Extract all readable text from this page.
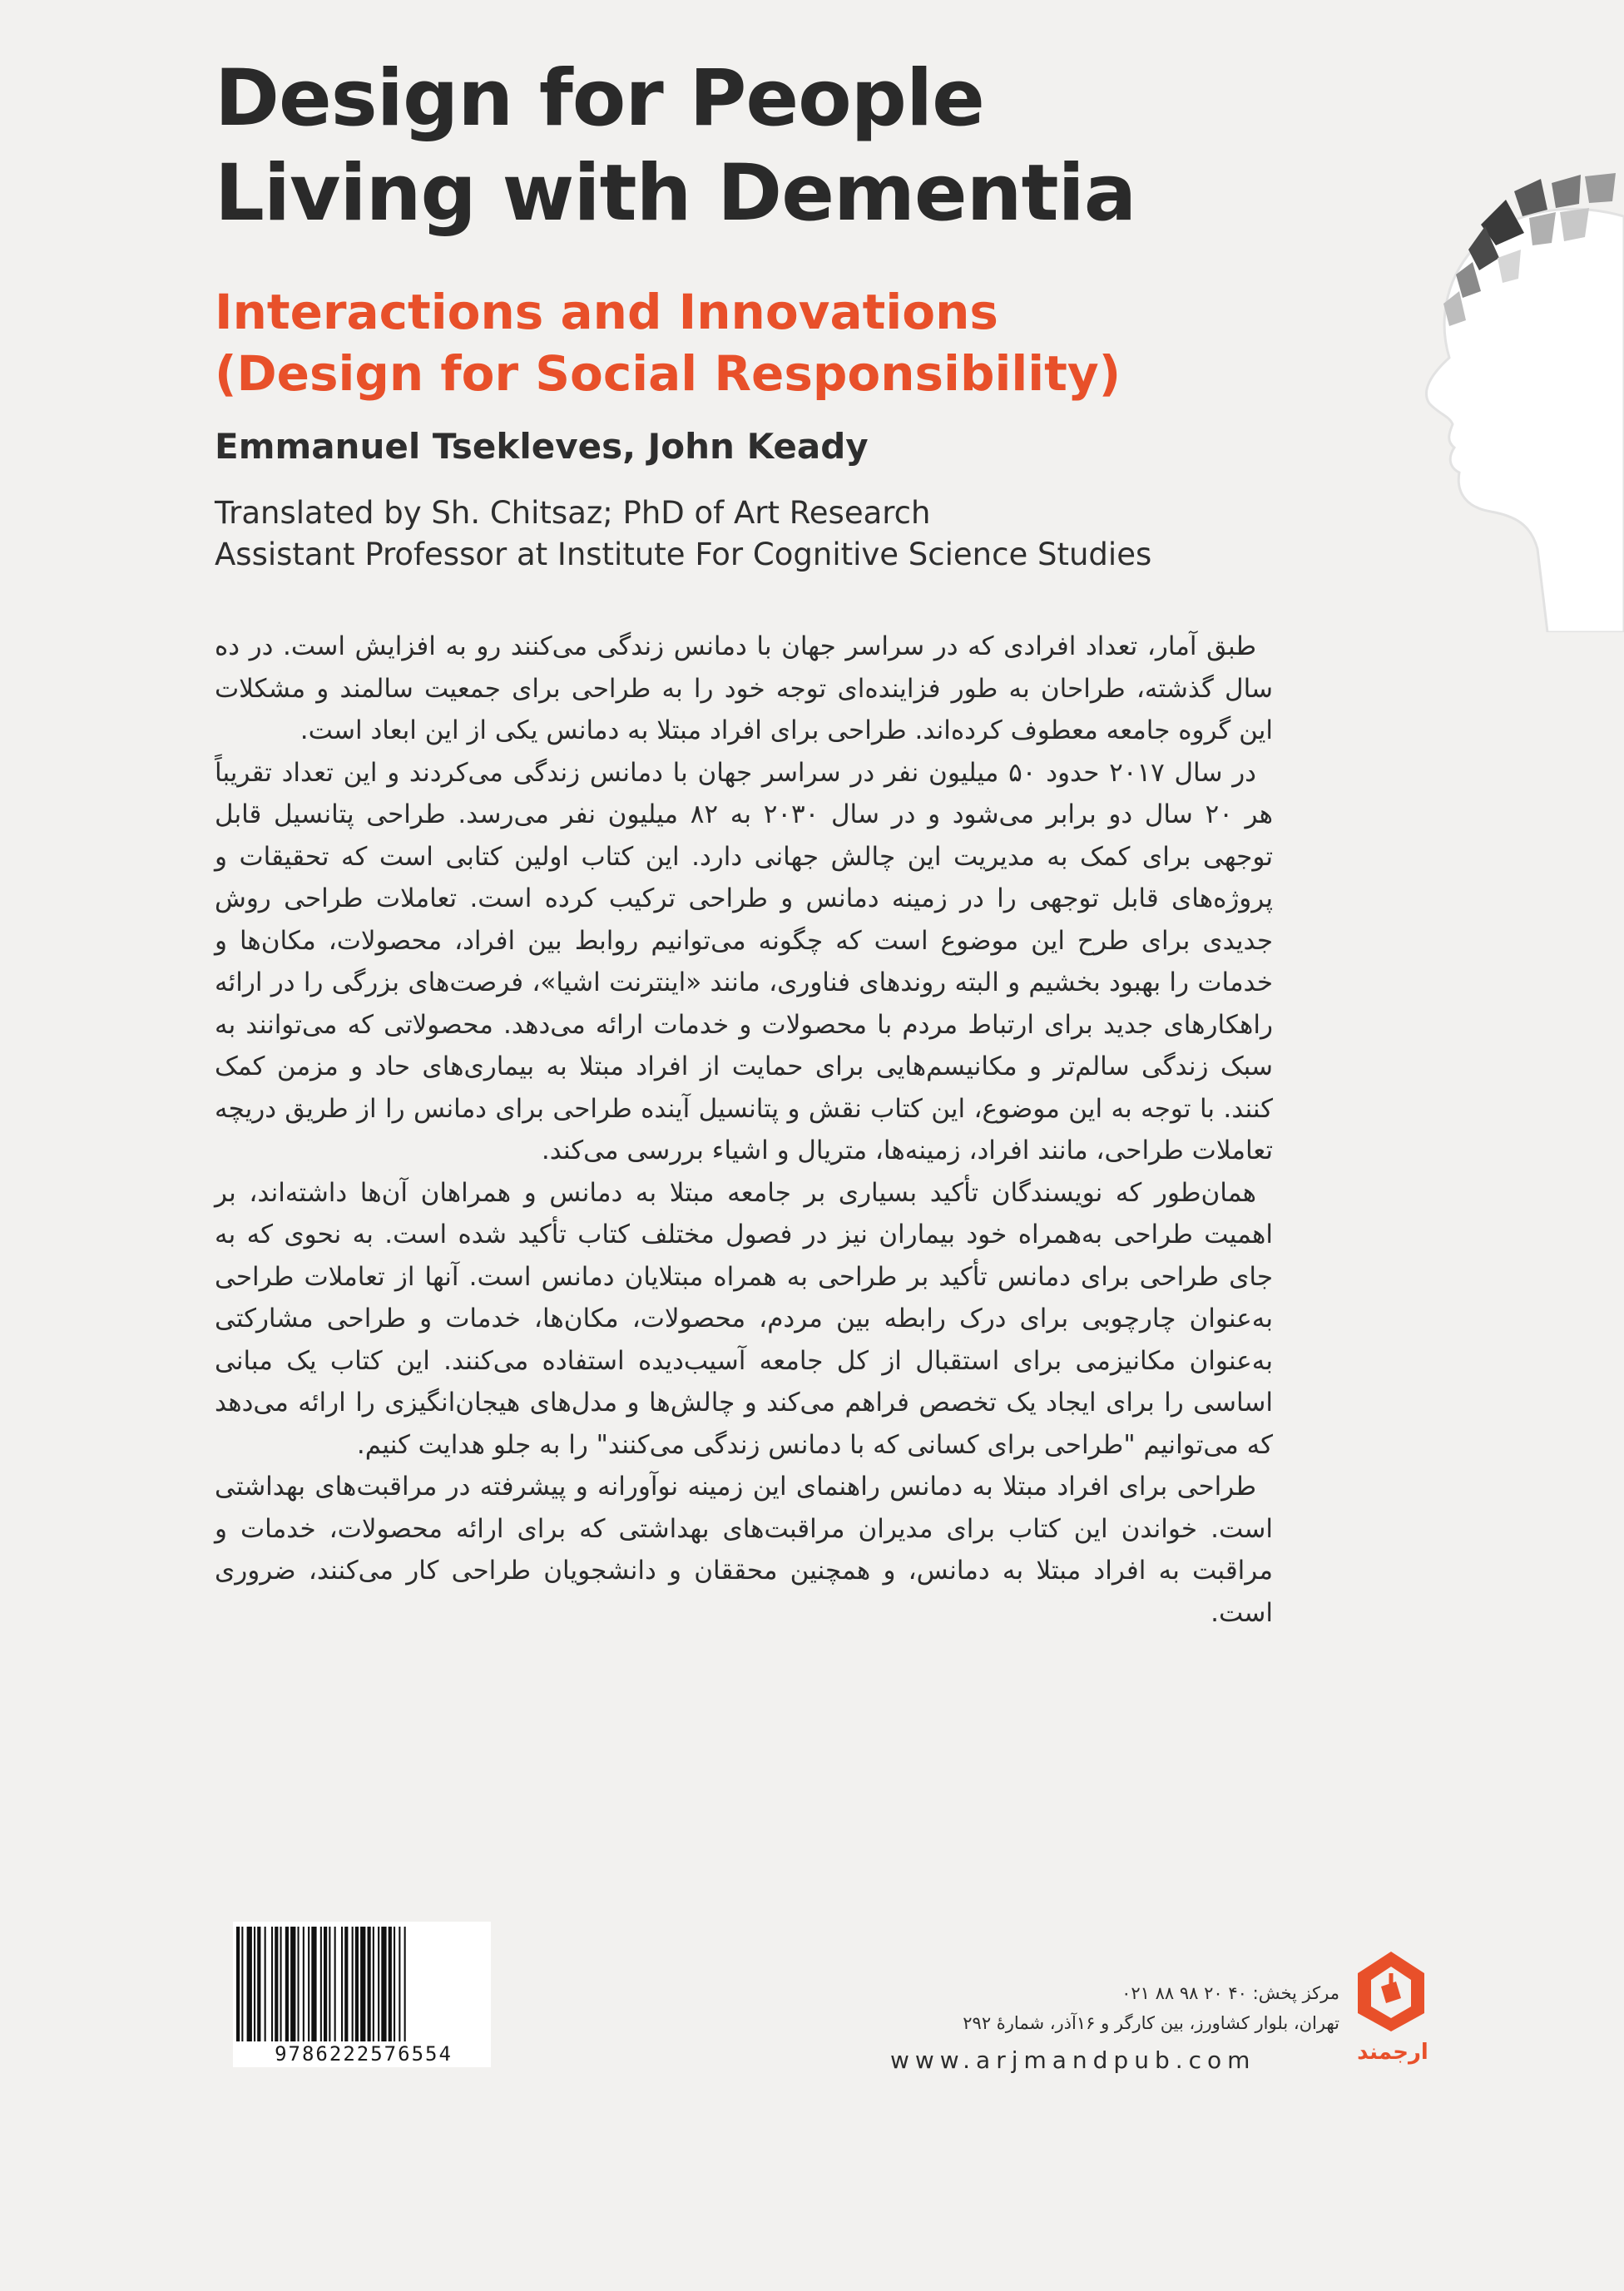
Design for People
Living with Dementia
Interactions and Innovations
(Design for Social Responsibility)
Emmanuel Tsekleves, John Keady
Translated by Sh. Chitsaz; PhD of Art Research
Assistant Professor at Institute For Cognitive Science Studies

طبق آمار، تعداد افرادی که در سراسر جهان با دمانس زندگی می‌کنند رو به افزایش است. در ده سال گذشته، طراحان به طور فزاینده‌ای توجه خود را به طراحی برای جمعیت سالمند و مشکلات این گروه جامعه معطوف کرده‌اند. طراحی برای افراد مبتلا به دمانس یکی از این ابعاد است.

در سال ۲۰۱۷ حدود ۵۰ میلیون نفر در سراسر جهان با دمانس زندگی می‌کردند و این تعداد تقریباً هر ۲۰ سال دو برابر می‌شود و در سال ۲۰۳۰ به ۸۲ میلیون نفر می‌رسد. طراحی پتانسیل قابل توجهی برای کمک به مدیریت این چالش جهانی دارد. این کتاب اولین کتابی است که تحقیقات و پروژه‌های قابل توجهی را در زمینه دمانس و طراحی ترکیب کرده است. تعاملات طراحی روش جدیدی برای طرح این موضوع است که چگونه می‌توانیم روابط بین افراد، محصولات، مکان‌ها و خدمات را بهبود بخشیم و البته روندهای فناوری، مانند «اینترنت اشیا»، فرصت‌های بزرگی را در ارائه راهکارهای جدید برای ارتباط مردم با محصولات و خدمات ارائه می‌دهد. محصولاتی که می‌توانند به سبک زندگی سالم‌تر و مکانیسم‌هایی برای حمایت از افراد مبتلا به بیماری‌های حاد و مزمن کمک کنند. با توجه به این موضوع، این کتاب نقش و پتانسیل آینده طراحی برای دمانس را از طریق دریچه تعاملات طراحی، مانند افراد، زمینه‌ها، متریال و اشیاء بررسی می‌کند.

همان‌طور که نویسندگان تأکید بسیاری بر جامعه مبتلا به دمانس و همراهان آن‌ها داشته‌اند، بر اهمیت طراحی به‌همراه خود بیماران نیز در فصول مختلف کتاب تأکید شده است. به نحوی که به جای طراحی برای دمانس تأکید بر طراحی به همراه مبتلایان دمانس است. آنها از تعاملات طراحی به‌عنوان چارچوبی برای درک رابطه بین مردم، محصولات، مکان‌ها، خدمات و طراحی مشارکتی به‌عنوان مکانیزمی برای استقبال از کل جامعه آسیب‌دیده استفاده می‌کنند. این کتاب یک مبانی اساسی را برای ایجاد یک تخصص فراهم می‌کند و چالش‌ها و مدل‌های هیجان‌انگیزی را ارائه می‌دهد که می‌توانیم "طراحی برای کسانی که با دمانس زندگی می‌کنند" را به جلو هدایت کنیم.

طراحی برای افراد مبتلا به دمانس راهنمای این زمینه نوآورانه و پیشرفته در مراقبت‌های بهداشتی است. خواندن این کتاب برای مدیران مراقبت‌های بهداشتی که برای ارائه محصولات، خدمات و مراقبت به افراد مبتلا به دمانس، و همچنین محققان و دانشجویان طراحی کار می‌کنند، ضروری است.

9786222576554
مرکز پخش: ۴۰ ۲۰ ۹۸ ۸۸ ۰۲۱
تهران، بلوار کشاورز، بین کارگر و ۱۶آذر، شمارهٔ ۲۹۲
www.arjmandpub.com	ارجمند
